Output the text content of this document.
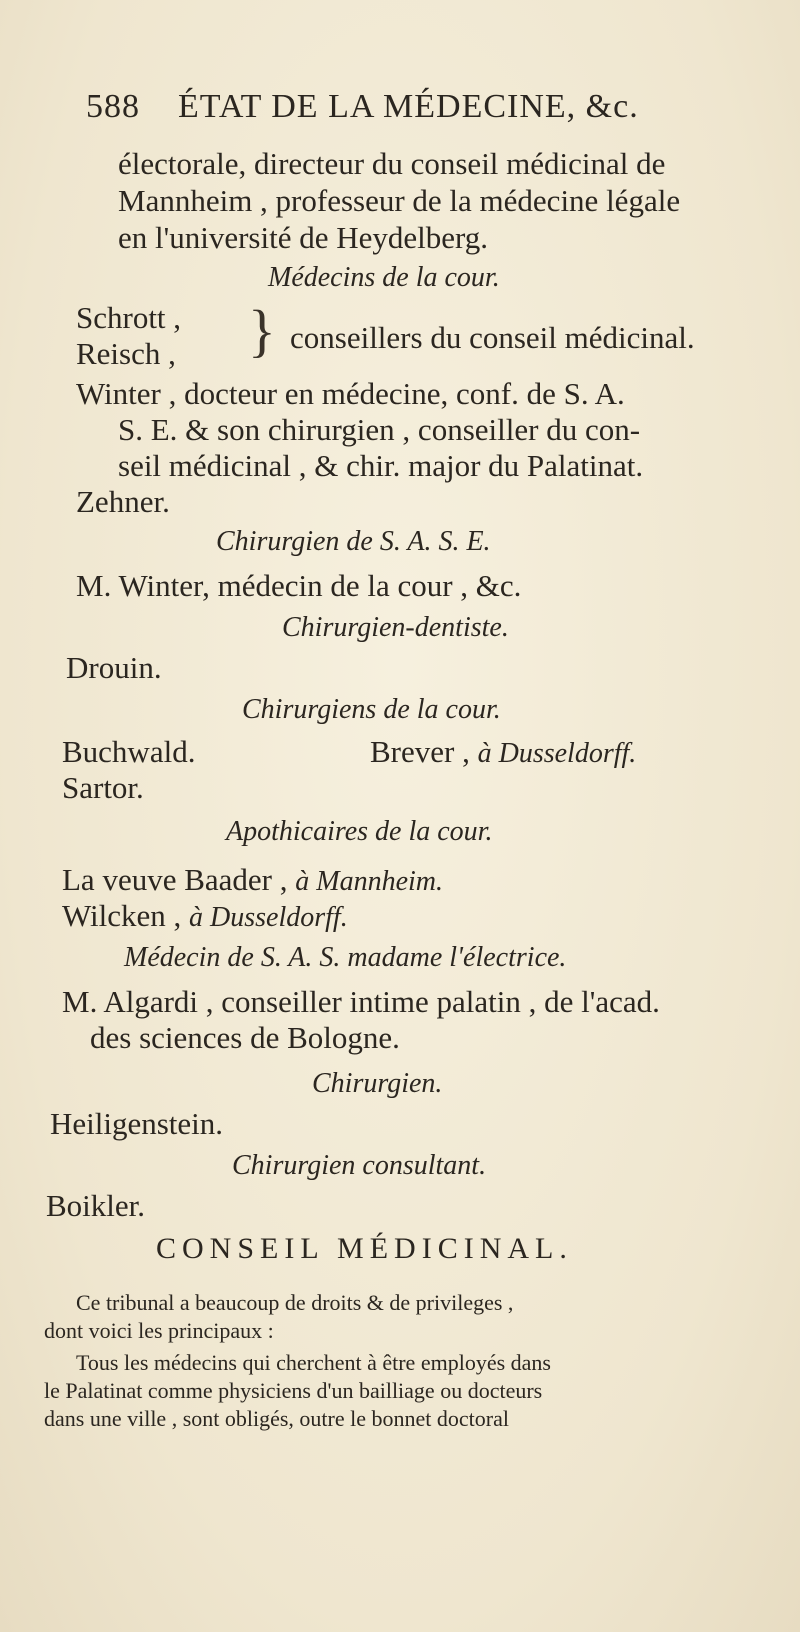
588 ÉTAT DE LA MÉDECINE, &c.
électorale, directeur du conseil médicinal de
Mannheim , professeur de la médecine légale
en l'université de Heydelberg.
Médecins de la cour.
Schrott ,
Reisch , } conseillers du conseil médicinal.
Winter , docteur en médecine, conf. de S. A.
S. E. & son chirurgien , conseiller du con-
seil médicinal , & chir. major du Palatinat.
Zehner.
Chirurgien de S. A. S. E.
M. Winter, médecin de la cour , &c.
Chirurgien-dentiste.
Drouin.
Chirurgiens de la cour.
Buchwald.	Brever , à Dusseldorff.
Sartor.
Apothicaires de la cour.
La veuve Baader , à Mannheim.
Wilcken , à Dusseldorff.
Médecin de S. A. S. madame l'électrice.
M. Algardi , conseiller intime palatin , de l'acad.
des sciences de Bologne.
Chirurgien.
Heiligenstein.
Chirurgien consultant.
Boikler.
CONSEIL MÉDICINAL.
Ce tribunal a beaucoup de droits & de privileges ,
dont voici les principaux :
Tous les médecins qui cherchent à être employés dans
le Palatinat comme physiciens d'un bailliage ou docteurs
dans une ville , sont obligés, outre le bonnet doctoral
